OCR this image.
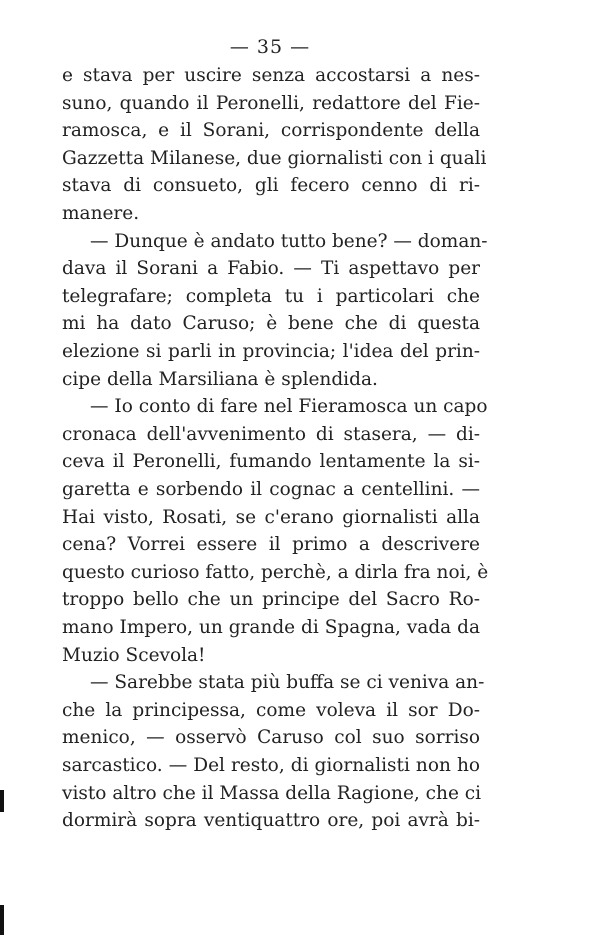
— 35 —
e stava per uscire senza accostarsi a nes-
suno, quando il Peronelli, redattore del Fie-
ramosca, e il Sorani, corrispondente della
Gazzetta Milanese, due giornalisti con i quali
stava di consueto, gli fecero cenno di ri-
manere.
— Dunque è andato tutto bene? — doman-
dava il Sorani a Fabio. — Ti aspettavo per
telegrafare; completa tu i particolari che
mi ha dato Caruso; è bene che di questa
elezione si parli in provincia; l'idea del prin-
cipe della Marsiliana è splendida.
— Io conto di fare nel Fieramosca un capo
cronaca dell'avvenimento di stasera, — di-
ceva il Peronelli, fumando lentamente la si-
garetta e sorbendo il cognac a centellini. —
Hai visto, Rosati, se c'erano giornalisti alla
cena? Vorrei essere il primo a descrivere
questo curioso fatto, perchè, a dirla fra noi, è
troppo bello che un principe del Sacro Ro-
mano Impero, un grande di Spagna, vada da
Muzio Scevola!
— Sarebbe stata più buffa se ci veniva an-
che la principessa, come voleva il sor Do-
menico, — osservò Caruso col suo sorriso
sarcastico. — Del resto, di giornalisti non ho
visto altro che il Massa della Ragione, che ci
dormirà sopra ventiquattro ore, poi avrà bi-
